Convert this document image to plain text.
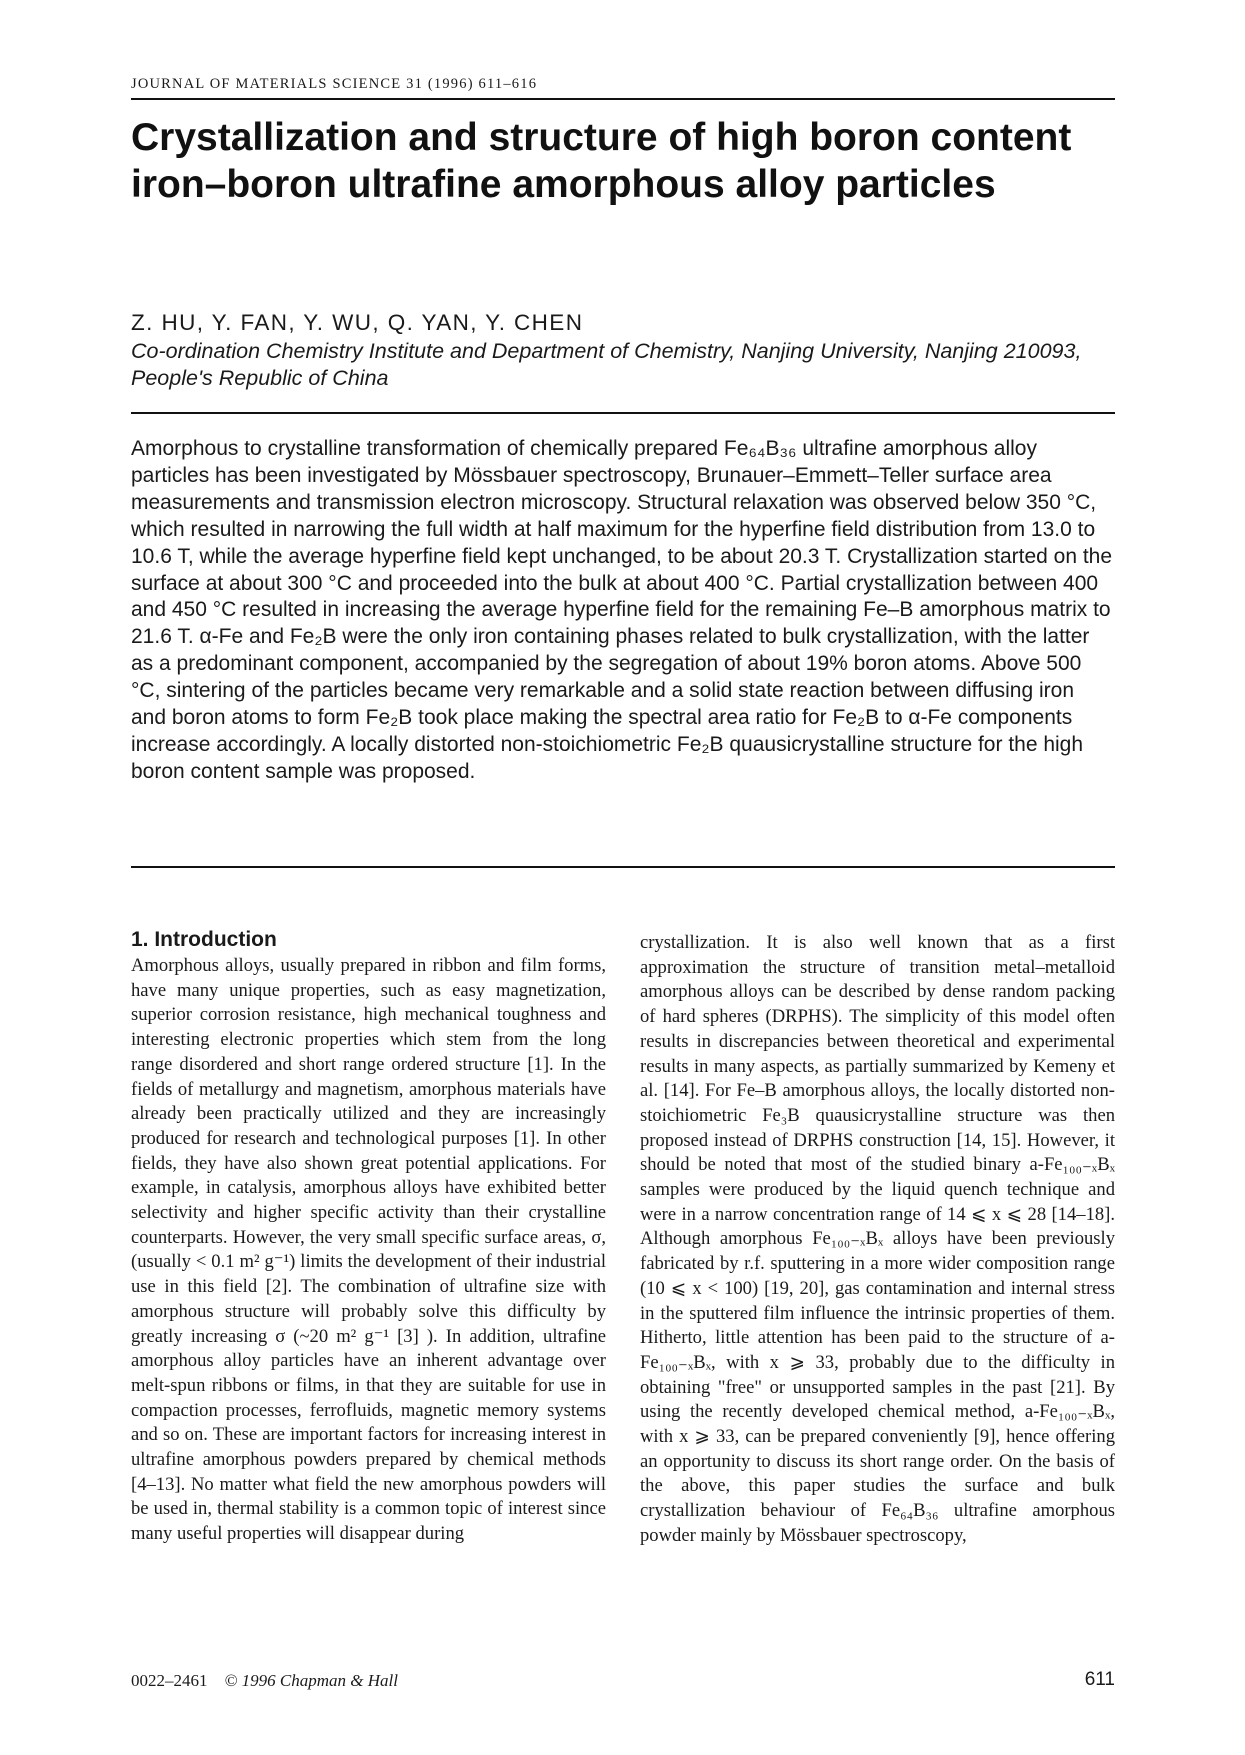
JOURNAL OF MATERIALS SCIENCE 31 (1996) 611–616
Crystallization and structure of high boron content iron–boron ultrafine amorphous alloy particles
Z. HU, Y. FAN, Y. WU, Q. YAN, Y. CHEN
Co-ordination Chemistry Institute and Department of Chemistry, Nanjing University, Nanjing 210093, People's Republic of China

Amorphous to crystalline transformation of chemically prepared Fe₆₄B₃₆ ultrafine amorphous alloy particles has been investigated by Mössbauer spectroscopy, Brunauer–Emmett–Teller surface area measurements and transmission electron microscopy. Structural relaxation was observed below 350 °C, which resulted in narrowing the full width at half maximum for the hyperfine field distribution from 13.0 to 10.6 T, while the average hyperfine field kept unchanged, to be about 20.3 T. Crystallization started on the surface at about 300 °C and proceeded into the bulk at about 400 °C. Partial crystallization between 400 and 450 °C resulted in increasing the average hyperfine field for the remaining Fe–B amorphous matrix to 21.6 T. α-Fe and Fe₂B were the only iron containing phases related to bulk crystallization, with the latter as a predominant component, accompanied by the segregation of about 19% boron atoms. Above 500 °C, sintering of the particles became very remarkable and a solid state reaction between diffusing iron and boron atoms to form Fe₂B took place making the spectral area ratio for Fe₂B to α-Fe components increase accordingly. A locally distorted non-stoichiometric Fe₂B quausicrystalline structure for the high boron content sample was proposed.

1. Introduction

Amorphous alloys, usually prepared in ribbon and film forms, have many unique properties, such as easy magnetization, superior corrosion resistance, high mechanical toughness and interesting electronic properties which stem from the long range disordered and short range ordered structure [1]. In the fields of metallurgy and magnetism, amorphous materials have already been practically utilized and they are increasingly produced for research and technological purposes [1]. In other fields, they have also shown great potential applications. For example, in catalysis, amorphous alloys have exhibited better selectivity and higher specific activity than their crystalline counterparts. However, the very small specific surface areas, σ, (usually < 0.1 m² g⁻¹) limits the development of their industrial use in this field [2]. The combination of ultrafine size with amorphous structure will probably solve this difficulty by greatly increasing σ (~20 m² g⁻¹ [3] ). In addition, ultrafine amorphous alloy particles have an inherent advantage over melt-spun ribbons or films, in that they are suitable for use in compaction processes, ferrofluids, magnetic memory systems and so on. These are important factors for increasing interest in ultrafine amorphous powders prepared by chemical methods [4–13]. No matter what field the new amorphous powders will be used in, thermal stability is a common topic of interest since many useful properties will disappear during

crystallization. It is also well known that as a first approximation the structure of transition metal–metalloid amorphous alloys can be described by dense random packing of hard spheres (DRPHS). The simplicity of this model often results in discrepancies between theoretical and experimental results in many aspects, as partially summarized by Kemeny et al. [14]. For Fe–B amorphous alloys, the locally distorted non-stoichiometric Fe₃B quausicrystalline structure was then proposed instead of DRPHS construction [14, 15]. However, it should be noted that most of the studied binary a-Fe₁₀₀₋ₓBₓ samples were produced by the liquid quench technique and were in a narrow concentration range of 14 ⩽ x ⩽ 28 [14–18]. Although amorphous Fe₁₀₀₋ₓBₓ alloys have been previously fabricated by r.f. sputtering in a more wider composition range (10 ⩽ x < 100) [19, 20], gas contamination and internal stress in the sputtered film influence the intrinsic properties of them. Hitherto, little attention has been paid to the structure of a-Fe₁₀₀₋ₓBₓ, with x ⩾ 33, probably due to the difficulty in obtaining "free" or unsupported samples in the past [21]. By using the recently developed chemical method, a-Fe₁₀₀₋ₓBₓ, with x ⩾ 33, can be prepared conveniently [9], hence offering an opportunity to discuss its short range order. On the basis of the above, this paper studies the surface and bulk crystallization behaviour of Fe₆₄B₃₆ ultrafine amorphous powder mainly by Mössbauer spectroscopy,

0022–2461 © 1996 Chapman & Hall	611
